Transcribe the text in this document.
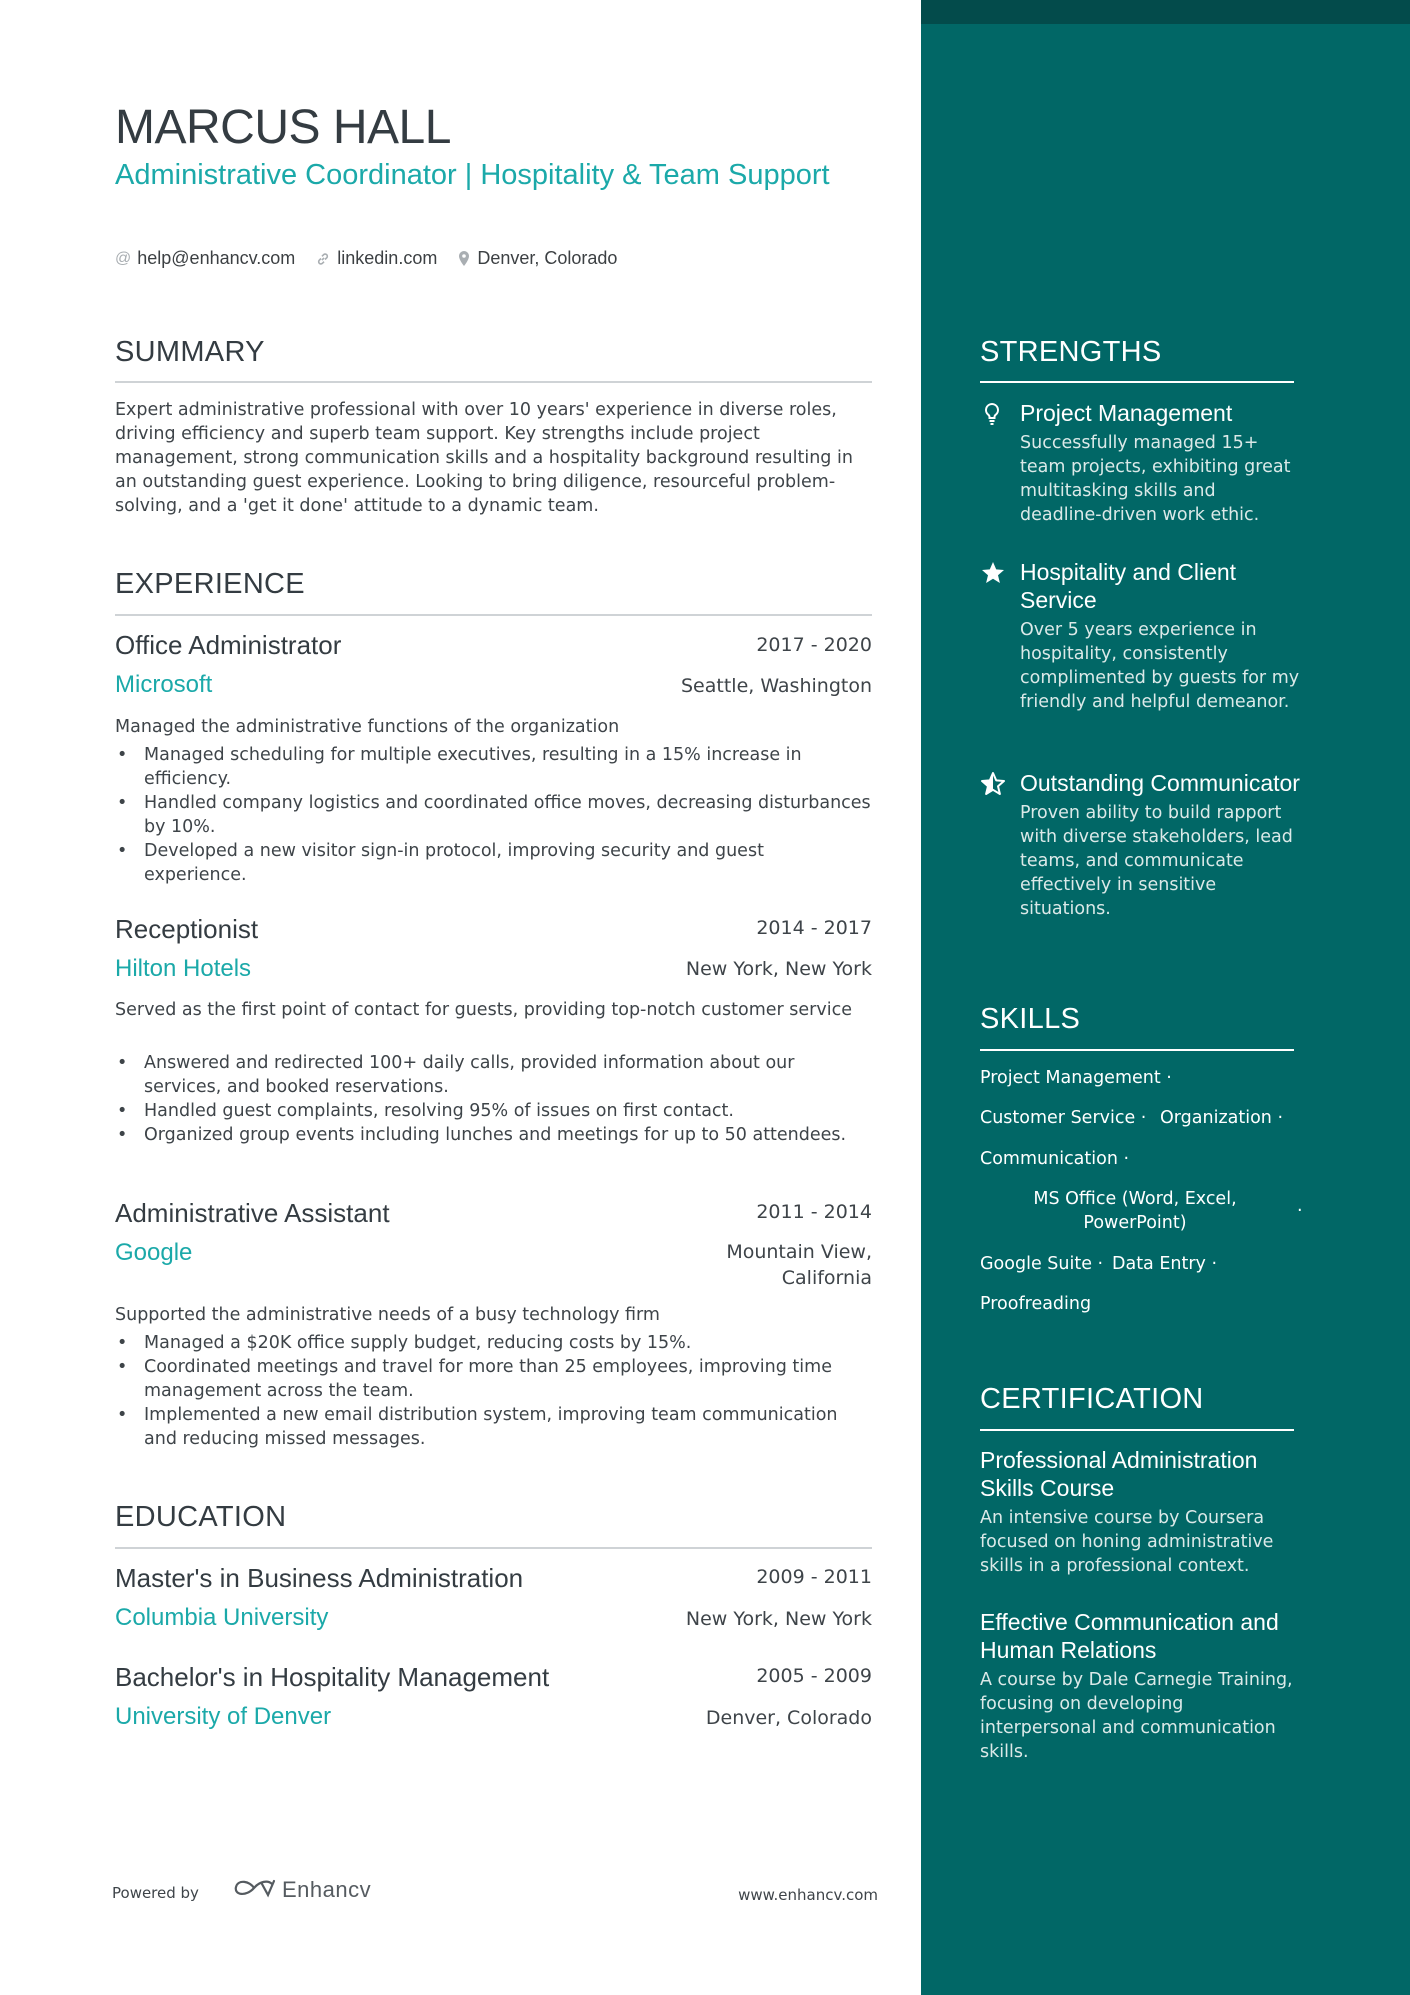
MARCUS HALL
Administrative Coordinator | Hospitality & Team Support
@ help@enhancv.com linkedin.com Denver, Colorado
SUMMARY
Expert administrative professional with over 10 years' experience in diverse roles, driving efficiency and superb team support. Key strengths include project management, strong communication skills and a hospitality background resulting in an outstanding guest experience. Looking to bring diligence, resourceful problem-solving, and a 'get it done' attitude to a dynamic team.
EXPERIENCE
Office Administrator	2017 - 2020
Microsoft	Seattle, Washington
Managed the administrative functions of the organization
• Managed scheduling for multiple executives, resulting in a 15% increase in efficiency.
• Handled company logistics and coordinated office moves, decreasing disturbances by 10%.
• Developed a new visitor sign-in protocol, improving security and guest experience.
Receptionist	2014 - 2017
Hilton Hotels	New York, New York
Served as the first point of contact for guests, providing top-notch customer service
• Answered and redirected 100+ daily calls, provided information about our services, and booked reservations.
• Handled guest complaints, resolving 95% of issues on first contact.
• Organized group events including lunches and meetings for up to 50 attendees.
Administrative Assistant	2011 - 2014
Google	Mountain View,
California
Supported the administrative needs of a busy technology firm
• Managed a $20K office supply budget, reducing costs by 15%.
• Coordinated meetings and travel for more than 25 employees, improving time management across the team.
• Implemented a new email distribution system, improving team communication and reducing missed messages.
EDUCATION
Master's in Business Administration	2009 - 2011
Columbia University	New York, New York
Bachelor's in Hospitality Management	2005 - 2009
University of Denver	Denver, Colorado
STRENGTHS
Project Management
Successfully managed 15+ team projects, exhibiting great multitasking skills and deadline-driven work ethic.
Hospitality and Client Service
Over 5 years experience in hospitality, consistently complimented by guests for my friendly and helpful demeanor.
Outstanding Communicator
Proven ability to build rapport with diverse stakeholders, lead teams, and communicate effectively in sensitive situations.
SKILLS
Project Management ·
Customer Service · Organization ·
Communication ·
MS Office (Word, Excel, PowerPoint)
·
Google Suite · Data Entry ·
Proofreading
CERTIFICATION
Professional Administration Skills Course
An intensive course by Coursera focused on honing administrative skills in a professional context.
Effective Communication and Human Relations
A course by Dale Carnegie Training, focusing on developing interpersonal and communication skills.
Powered by	Enhancv	www.enhancv.com
